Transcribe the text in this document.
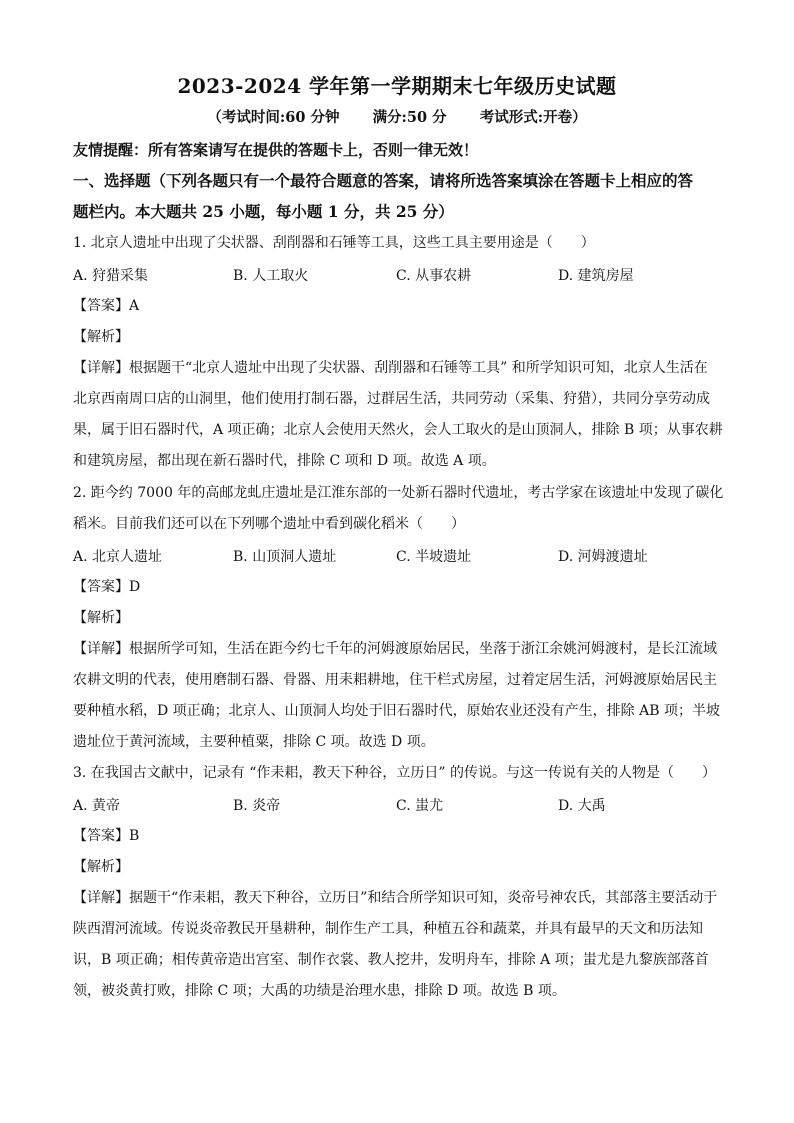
2023-2024 学年第一学期期末七年级历史试题
（考试时间:60 分钟 满分:50 分 考试形式:开卷）
友情提醒：所有答案请写在提供的答题卡上，否则一律无效！
一、选择题（下列各题只有一个最符合题意的答案，请将所选答案填涂在答题卡上相应的答
题栏内。本大题共 25 小题，每小题 1 分，共 25 分）
1. 北京人遗址中出现了尖状器、刮削器和石锤等工具，这些工具主要用途是（　　）
A. 狩猎采集	B. 人工取火	C. 从事农耕	D. 建筑房屋
【答案】A
【解析】
【详解】根据题干“北京人遗址中出现了尖状器、刮削器和石锤等工具” 和所学知识可知，北京人生活在
北京西南周口店的山洞里，他们使用打制石器，过群居生活，共同劳动（采集、狩猎），共同分享劳动成
果，属于旧石器时代，A 项正确；北京人会使用天然火，会人工取火的是山顶洞人，排除 B 项；从事农耕
和建筑房屋，都出现在新石器时代，排除 C 项和 D 项。故选 A 项。
2. 距今约 7000 年的高邮龙虬庄遗址是江淮东部的一处新石器时代遗址，考古学家在该遗址中发现了碳化
稻米。目前我们还可以在下列哪个遗址中看到碳化稻米（　　）
A. 北京人遗址	B. 山顶洞人遗址	C. 半坡遗址	D. 河姆渡遗址
【答案】D
【解析】
【详解】根据所学可知，生活在距今约七千年的河姆渡原始居民，坐落于浙江余姚河姆渡村，是长江流域
农耕文明的代表，使用磨制石器、骨器、用耒耜耕地，住干栏式房屋，过着定居生活，河姆渡原始居民主
要种植水稻，D 项正确；北京人、山顶洞人均处于旧石器时代，原始农业还没有产生，排除 AB 项；半坡
遗址位于黄河流域，主要种植粟，排除 C 项。故选 D 项。
3. 在我国古文献中，记录有 “作耒耜，教天下种谷，立历日” 的传说。与这一传说有关的人物是（　　）
A. 黄帝	B. 炎帝	C. 蚩尤	D. 大禹
【答案】B
【解析】
【详解】据题干“作耒耜，教天下种谷，立历日”和结合所学知识可知，炎帝号神农氏，其部落主要活动于
陕西渭河流域。传说炎帝教民开垦耕种，制作生产工具，种植五谷和蔬菜，并具有最早的天文和历法知
识，B 项正确；相传黄帝造出宫室、制作衣裳、教人挖井，发明舟车，排除 A 项；蚩尤是九黎族部落首
领，被炎黄打败，排除 C 项；大禹的功绩是治理水患，排除 D 项。故选 B 项。
